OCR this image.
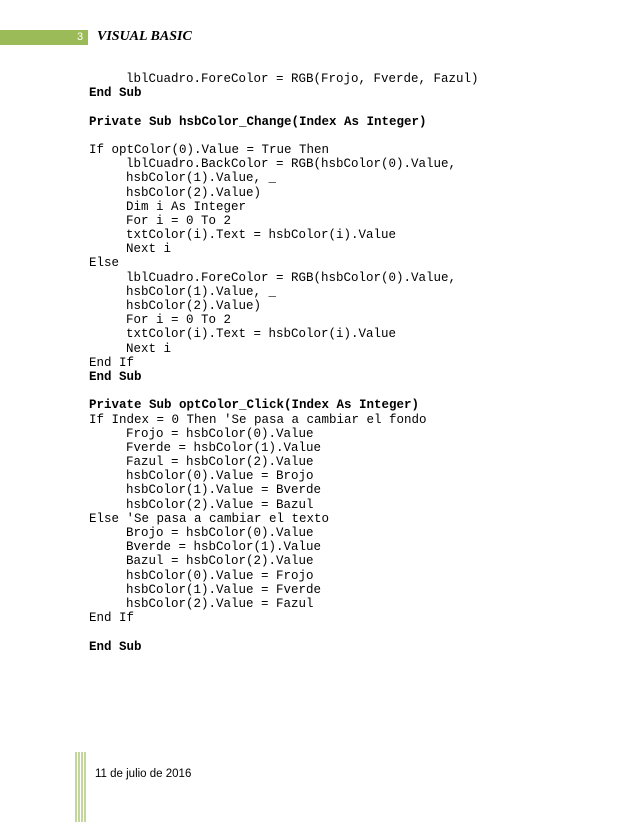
3 VISUAL BASIC
lblCuadro.ForeColor = RGB(Frojo, Fverde, Fazul)
End Sub
Private Sub hsbColor_Change(Index As Integer)
If optColor(0).Value = True Then
lblCuadro.BackColor = RGB(hsbColor(0).Value,
hsbColor(1).Value, _
hsbColor(2).Value)
Dim i As Integer
For i = 0 To 2
txtColor(i).Text = hsbColor(i).Value
Next i
Else
lblCuadro.ForeColor = RGB(hsbColor(0).Value,
hsbColor(1).Value, _
hsbColor(2).Value)
For i = 0 To 2
txtColor(i).Text = hsbColor(i).Value
Next i
End If
End Sub
Private Sub optColor_Click(Index As Integer)
If Index = 0 Then 'Se pasa a cambiar el fondo
Frojo = hsbColor(0).Value
Fverde = hsbColor(1).Value
Fazul = hsbColor(2).Value
hsbColor(0).Value = Brojo
hsbColor(1).Value = Bverde
hsbColor(2).Value = Bazul
Else 'Se pasa a cambiar el texto
Brojo = hsbColor(0).Value
Bverde = hsbColor(1).Value
Bazul = hsbColor(2).Value
hsbColor(0).Value = Frojo
hsbColor(1).Value = Fverde
hsbColor(2).Value = Fazul
End If
End Sub
11 de julio de 2016
